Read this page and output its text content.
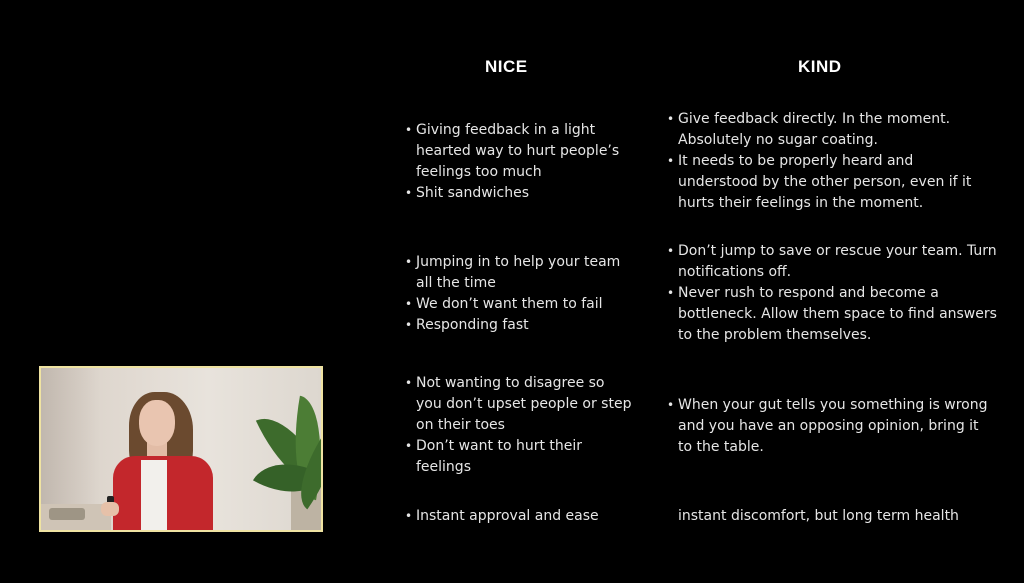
NICE	KIND
• Giving feedback in a light hearted way to hurt people’s feelings too much
• Shit sandwiches
• Jumping in to help your team all the time
• We don’t want them to fail
• Responding fast
• Not wanting to disagree so you don’t upset people or step on their toes
• Don’t want to hurt their feelings
• Instant approval and ease
• Give feedback directly. In the moment. Absolutely no sugar coating.
• It needs to be properly heard and understood by the other person, even if it hurts their feelings in the moment.
• Don’t jump to save or rescue your team. Turn notifications off.
• Never rush to respond and become a bottleneck. Allow them space to find answers to the problem themselves.
• When your gut tells you something is wrong and you have an opposing opinion, bring it to the table.
instant discomfort, but long term health
